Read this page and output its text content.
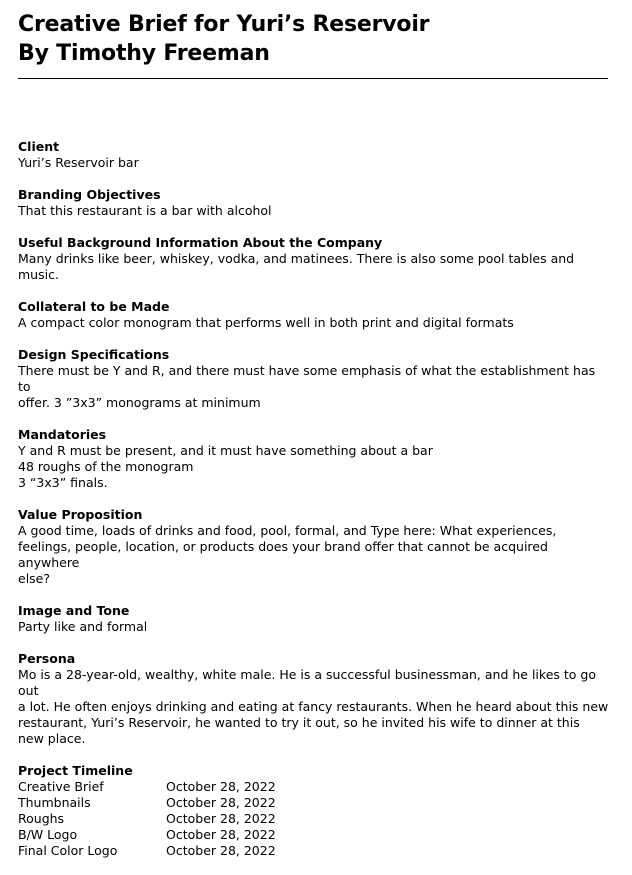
Creative Brief for Yuri’s Reservoir

By Timothy Freeman

Client

Yuri’s Reservoir bar

Branding Objectives

That this restaurant is a bar with alcohol

Useful Background Information About the Company

Many drinks like beer, whiskey, vodka, and matinees. There is also some pool tables and music.

Collateral to be Made

A compact color monogram that performs well in both print and digital formats

Design Specifications

There must be Y and R, and there must have some emphasis of what the establishment has to

offer. 3 ”3x3” monograms at minimum

Mandatories

Y and R must be present, and it must have something about a bar

48 roughs of the monogram

3 “3x3” finals.

Value Proposition

A good time, loads of drinks and food, pool, formal, and Type here: What experiences,

feelings, people, location, or products does your brand offer that cannot be acquired anywhere

else?

Image and Tone

Party like and formal

Persona

Mo is a 28-year-old, wealthy, white male. He is a successful businessman, and he likes to go out

a lot. He often enjoys drinking and eating at fancy restaurants. When he heard about this new

restaurant, Yuri’s Reservoir, he wanted to try it out, so he invited his wife to dinner at this

new place.

Project Timeline

Creative Brief	October 28, 2022
Thumbnails	October 28, 2022
Roughs	October 28, 2022
B/W Logo	October 28, 2022
Final Color Logo	October 28, 2022
